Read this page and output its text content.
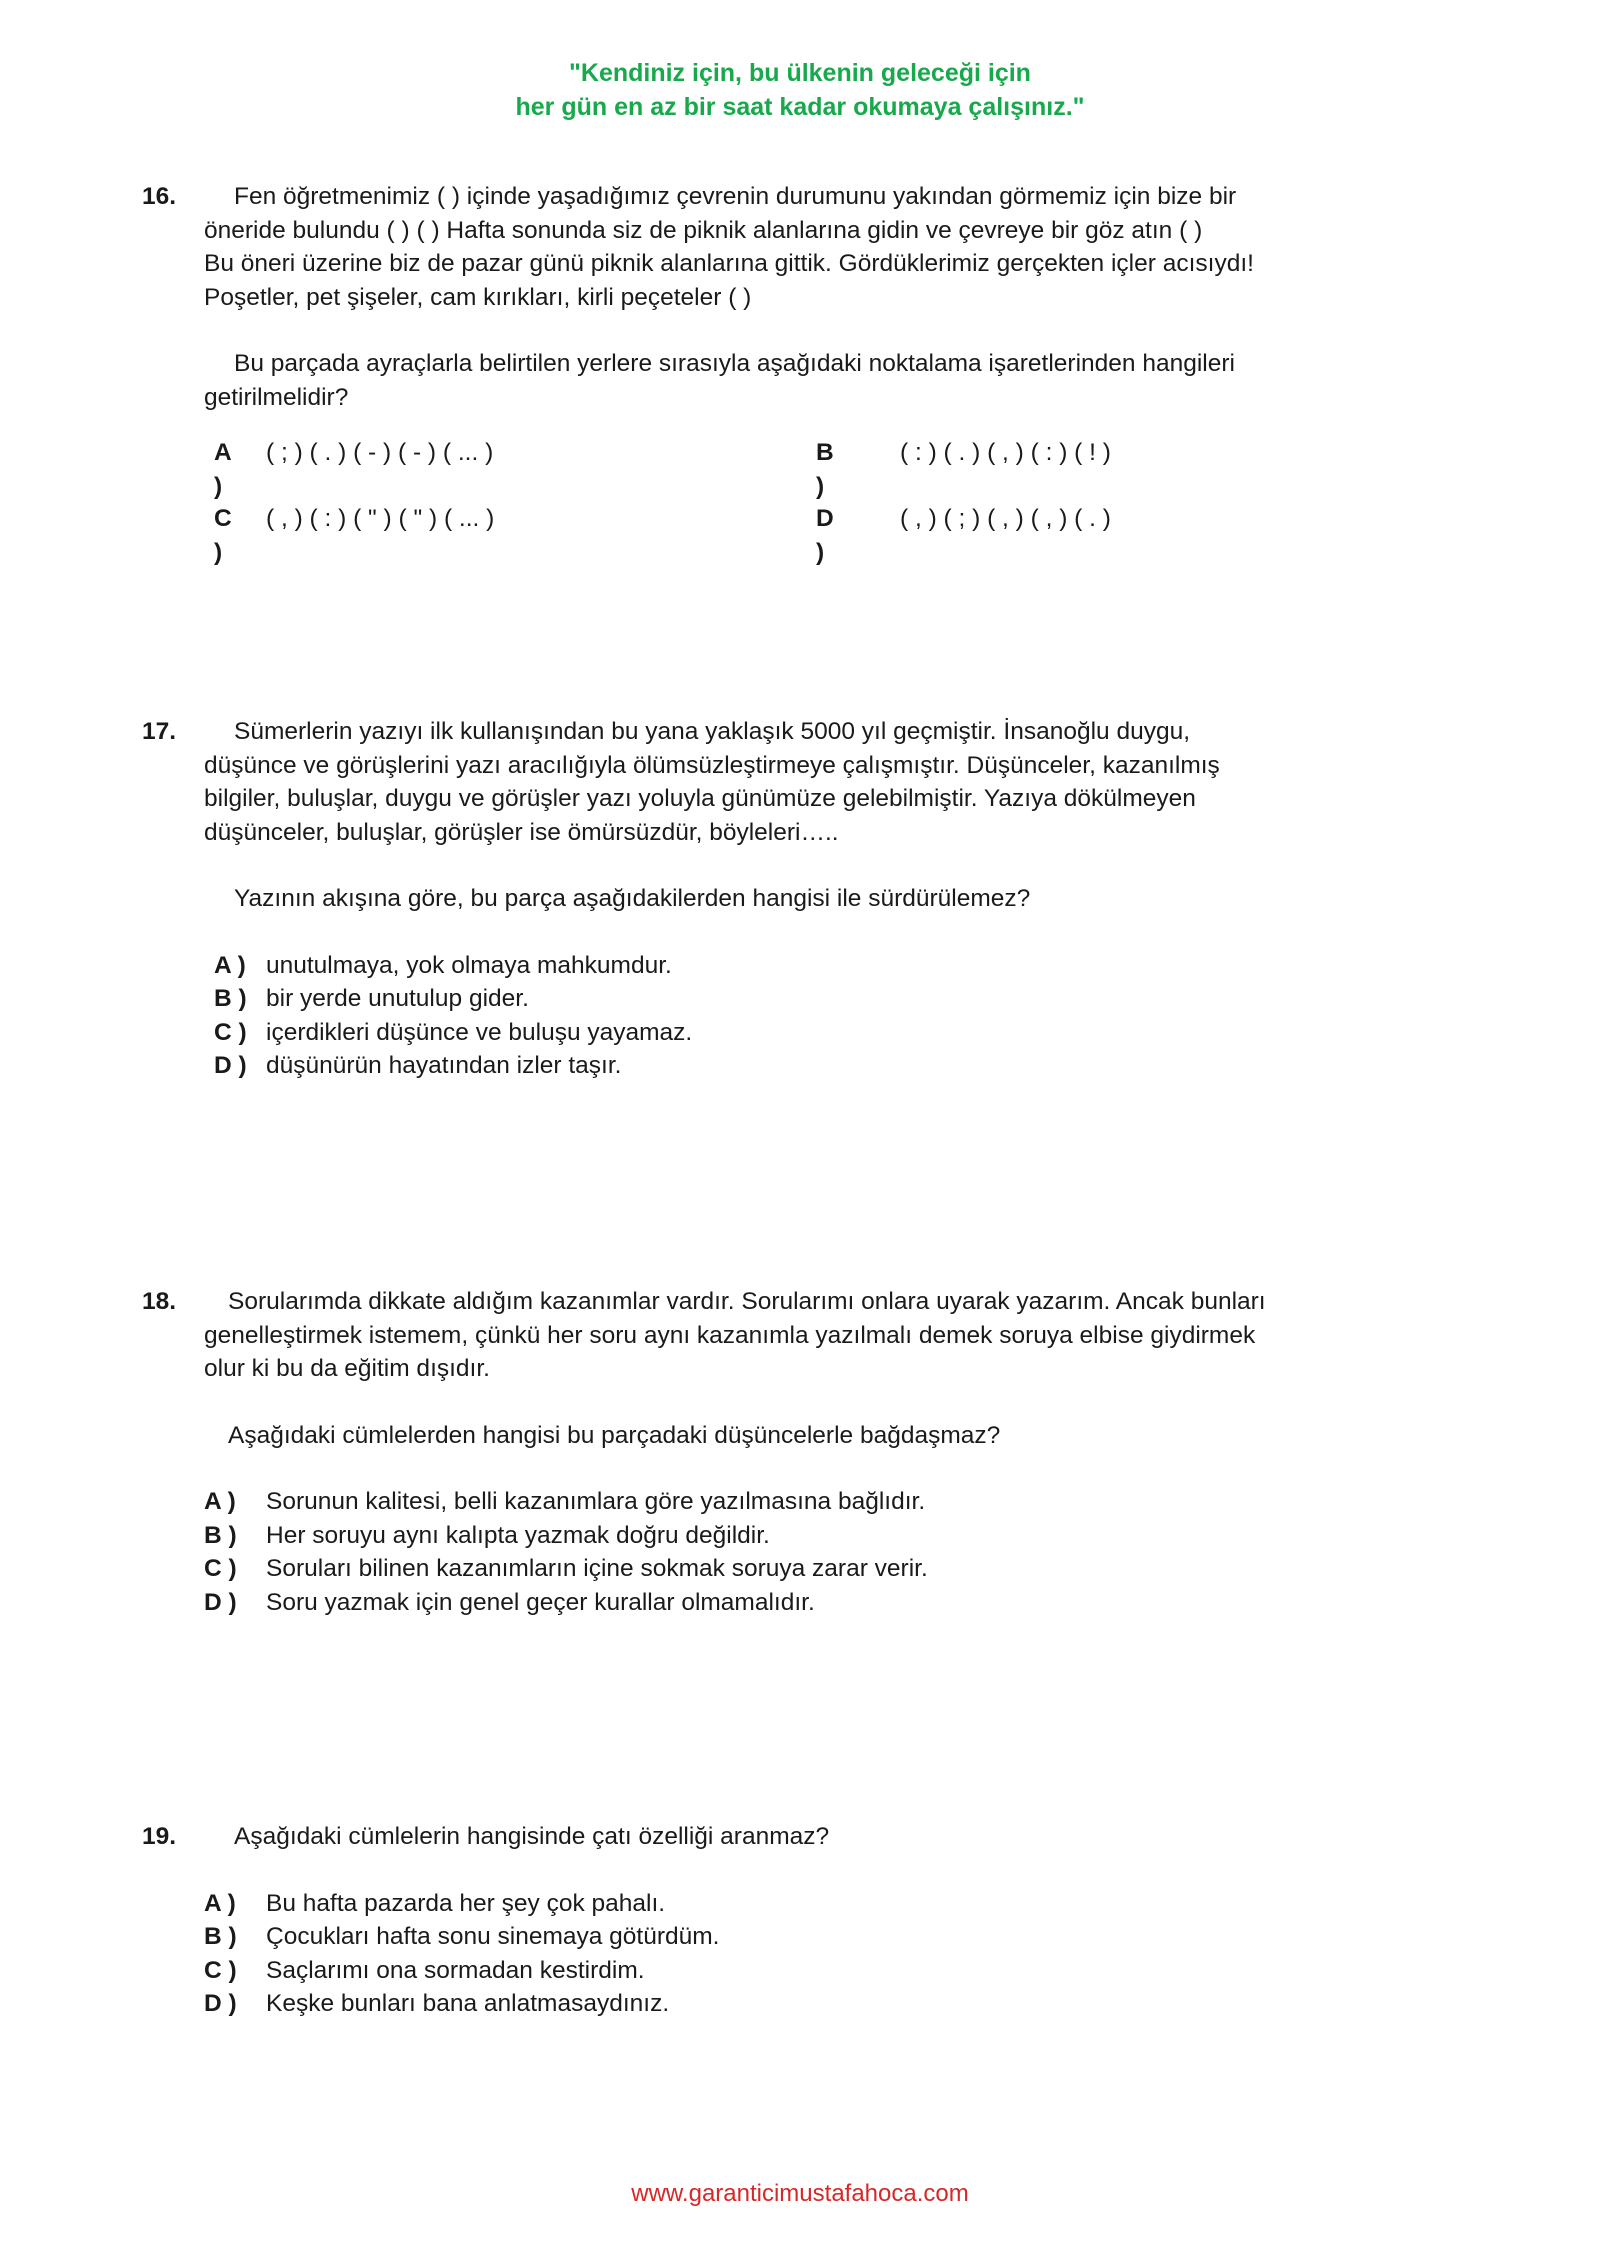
"Kendiniz için, bu ülkenin geleceği için
her gün en az bir saat kadar okumaya çalışınız."
16.	Fen öğretmenimiz ( ) içinde yaşadığımız çevrenin durumunu yakından görmemiz için bize bir

öneride bulundu ( ) ( ) Hafta sonunda siz de piknik alanlarına gidin ve çevreye bir göz atın ( )

Bu öneri üzerine biz de pazar günü piknik alanlarına gittik. Gördüklerimiz gerçekten içler acısıydı!

Poşetler, pet şişeler, cam kırıkları, kirli peçeteler ( )

Bu parçada ayraçlarla belirtilen yerlere sırasıyla aşağıdaki noktalama işaretlerinden hangileri

getirilmelidir?

A )
( ; ) ( . ) ( - ) ( - ) ( ... )	B )
( : ) ( . ) ( , ) ( : ) ( ! )
C )
( , ) ( : ) ( " ) ( " ) ( ... )	D )
( , ) ( ; ) ( , ) ( , ) ( . )
17.	Sümerlerin yazıyı ilk kullanışından bu yana yaklaşık 5000 yıl geçmiştir. İnsanoğlu duygu,

düşünce ve görüşlerini yazı aracılığıyla ölümsüzleştirmeye çalışmıştır. Düşünceler, kazanılmış

bilgiler, buluşlar, duygu ve görüşler yazı yoluyla günümüze gelebilmiştir. Yazıya dökülmeyen

düşünceler, buluşlar, görüşler ise ömürsüzdür, böyleleri…..

Yazının akışına göre, bu parça aşağıdakilerden hangisi ile sürdürülemez?

A ) unutulmaya, yok olmaya mahkumdur.
B ) bir yerde unutulup gider.
C ) içerdikleri düşünce ve buluşu yayamaz.
D ) düşünürün hayatından izler taşır.
18.	Sorularımda dikkate aldığım kazanımlar vardır. Sorularımı onlara uyarak yazarım. Ancak bunları

genelleştirmek istemem, çünkü her soru aynı kazanımla yazılmalı demek soruya elbise giydirmek

olur ki bu da eğitim dışıdır.

Aşağıdaki cümlelerden hangisi bu parçadaki düşüncelerle bağdaşmaz?

A ) Sorunun kalitesi, belli kazanımlara göre yazılmasına bağlıdır.
B ) Her soruyu aynı kalıpta yazmak doğru değildir.
C ) Soruları bilinen kazanımların içine sokmak soruya zarar verir.
D ) Soru yazmak için genel geçer kurallar olmamalıdır.
19.	Aşağıdaki cümlelerin hangisinde çatı özelliği aranmaz?

A ) Bu hafta pazarda her şey çok pahalı.
B ) Çocukları hafta sonu sinemaya götürdüm.
C ) Saçlarımı ona sormadan kestirdim.
D ) Keşke bunları bana anlatmasaydınız.
www.garanticimustafahoca.com
